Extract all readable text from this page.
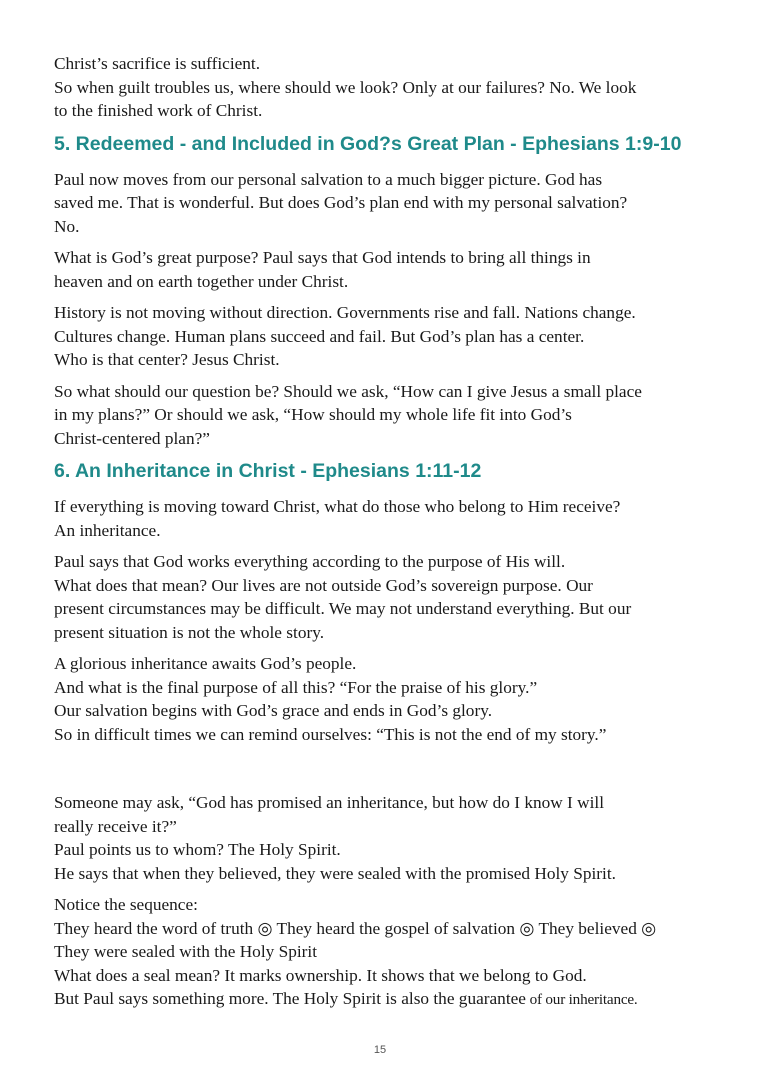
Christ’s sacrifice is sufficient.
So when guilt troubles us, where should we look? Only at our failures? No. We look
to the finished work of Christ.
5. Redeemed - and Included in God?s Great Plan - Ephesians 1:9-10
Paul now moves from our personal salvation to a much bigger picture. God has
saved me. That is wonderful. But does God’s plan end with my personal salvation?
No.
What is God’s great purpose? Paul says that God intends to bring all things in
heaven and on earth together under Christ.
History is not moving without direction. Governments rise and fall. Nations change.
Cultures change. Human plans succeed and fail. But God’s plan has a center.
Who is that center? Jesus Christ.
So what should our question be? Should we ask, “How can I give Jesus a small place
in my plans?” Or should we ask, “How should my whole life fit into God’s
Christ-centered plan?”
6. An Inheritance in Christ - Ephesians 1:11-12
If everything is moving toward Christ, what do those who belong to Him receive?
An inheritance.
Paul says that God works everything according to the purpose of His will.
What does that mean? Our lives are not outside God’s sovereign purpose. Our
present circumstances may be difficult. We may not understand everything. But our
present situation is not the whole story.
A glorious inheritance awaits God’s people.
And what is the final purpose of all this? “For the praise of his glory.”
Our salvation begins with God’s grace and ends in God’s glory.
So in difficult times we can remind ourselves: “This is not the end of my story.”
Someone may ask, “God has promised an inheritance, but how do I know I will
really receive it?”
Paul points us to whom? The Holy Spirit.
He says that when they believed, they were sealed with the promised Holy Spirit.
Notice the sequence:
They heard the word of truth ◎ They heard the gospel of salvation ◎ They believed ◎
They were sealed with the Holy Spirit
What does a seal mean? It marks ownership. It shows that we belong to God.
But Paul says something more. The Holy Spirit is also the guarantee of our inheritance.
15
